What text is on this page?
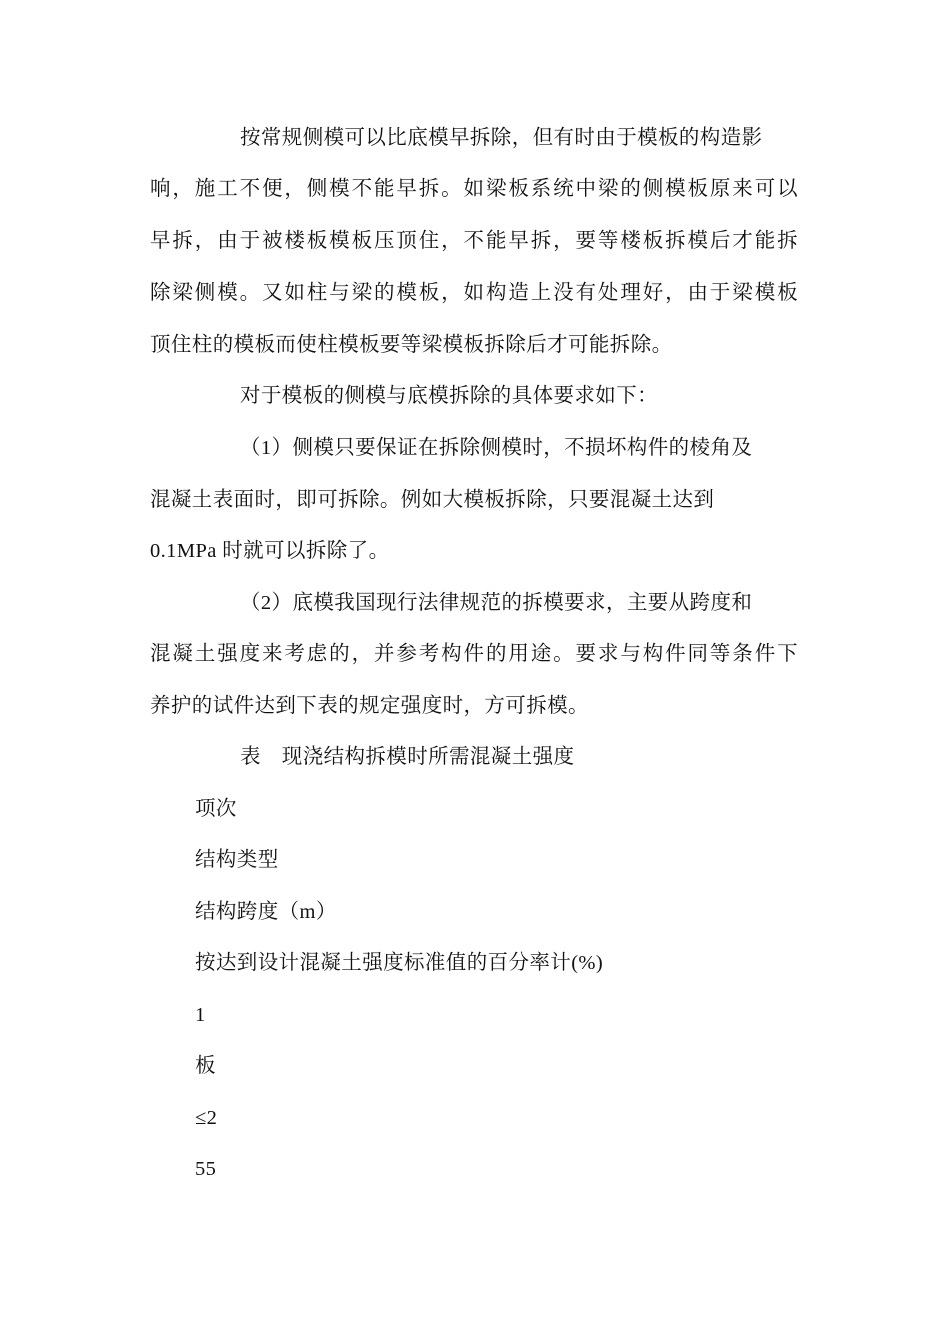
按常规侧模可以比底模早拆除，但有时由于模板的构造影
响，施工不便，侧模不能早拆。如梁板系统中梁的侧模板原来可以
早拆，由于被楼板模板压顶住，不能早拆，要等楼板拆模后才能拆
除梁侧模。又如柱与梁的模板，如构造上没有处理好，由于梁模板
顶住柱的模板而使柱模板要等梁模板拆除后才可能拆除。
对于模板的侧模与底模拆除的具体要求如下：
（1）侧模只要保证在拆除侧模时，不损坏构件的棱角及
混凝土表面时，即可拆除。例如大模板拆除，只要混凝土达到
0.1MPa 时就可以拆除了。
（2）底模我国现行法律规范的拆模要求，主要从跨度和
混凝土强度来考虑的，并参考构件的用途。要求与构件同等条件下
养护的试件达到下表的规定强度时，方可拆模。
表　现浇结构拆模时所需混凝土强度
项次
结构类型
结构跨度（m）
按达到设计混凝土强度标准值的百分率计(%)
1
板
≤2
55
